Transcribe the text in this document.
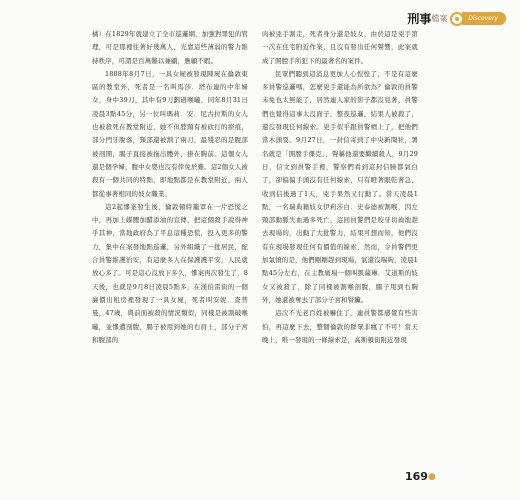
刑事 檔案	Discovery

橘）在1829年就建立了全市巡邏網，加強對罪犯的管理，可是那裡住著好幾萬人，光靠這些薄弱的警力維持秩序，可謂是百萬難以兼顧，應顧不暇。

1888年8月7日，一具女屍被發現陳屍在倫敦東區的教堂外，死者是一名叫馬莎．塔布連的中年婦女，身中39刀，其中有9刀劃過喉嚨，同年8月31日凌晨3點45分，另一位叫瑪莉．安．尼古拉斯的女人也被殺死在教堂附近，她不但脖頸有被砍打的瘀痕，部分門牙脫落，頸部還被割了兩刀，最殘忍的是腹部被剖開，腸子直接被拖出體外，掛在胸前。這個女人還是個孕婦，腹中女嬰也沒有倖免於難。這2個女人被殺有一個共同的特點，即地點都是在教堂附近，兩人都從事著相同的妓女職業。

這2起慘案發生後，倫敦頓時籠罩在一片恐慌之中，再加上媒體加醋添油的宣傳，把這個殺手說得神乎其神，當地政府為了平息這種恐慌，投入更多的警力，集中在案發地點巡邏，另外組織了一批居民，配合員警維護治安，有這麼多人在保護護平安，人民就放心多了。可是這心沒放下多久，慘案再次發生了，8天後，也就是9月8日凌晨5點多，在漢伯雷街的一個廉價出租房裡發現了一具女屍，死者叫安妮．查普曼，47歲，與前面被殺的情況類似，同樣是被割破喉嚨，並慘遭剖腹，腸子被甩到她的右肩上，部分子宮和腹部的

肉被兇手割走，死者身分還是妓女，由於這是兇手第一次在住宅附近作案，且沒有發出任何聲響，此案就成了開膛手所犯下的最著名的案件。

民眾們聽到這消息更加人心惶惶了，不是有這麼多員警巡邏嗎，怎麼兇手還能為所欲為？倫敦的員警未免也太無能了，居然連人家的影子都沒見著，員警們也覺得這事太沒面子，整夜巡邏，結果人被殺了，還沒發現任何線索。兇手似乎跟員警槓上了，把他們當木頭耍。9月27日，一封信寄到了中央新聞社，署名就是「開膛手傑克」，聲稱他還要繼續殺人，9月29日，信文到員警手裡，警察們看到這封信臉都氣白了，卻偏偏手頭沒有任何線索，只有瞪著眼乾著急，收到信後過了1天，兇手果然又行動了。當天凌晨1點，一名瑞典籍妓女伊莉莎白．史泰德被割喉，因左頸部動脈失血過多死亡，這回員警們是咬牙切齒地趕去現場的，出動了大批警力，結果可想而知，他們沒有在現場發現任何有價值的線索，然而，令員警們更加氣憤的是，他們剛剛趕到現場，氣還沒喘夠，凌晨1點45分左右，在主教廣場一個叫凱薩琳．艾道斯的妓女又被殺了，除了同樣被割喉剖腹，腸子甩到右胸外，她還被奪去了部分子宮和腎臟。

這次不光老百姓被嚇住了，連員警都感覺有些害怕，再這麼下去，整個倫敦的群眾非瘋了不可！當天晚上，唯一發現的一條線索是，高斯頓街附近發現

169 ●
